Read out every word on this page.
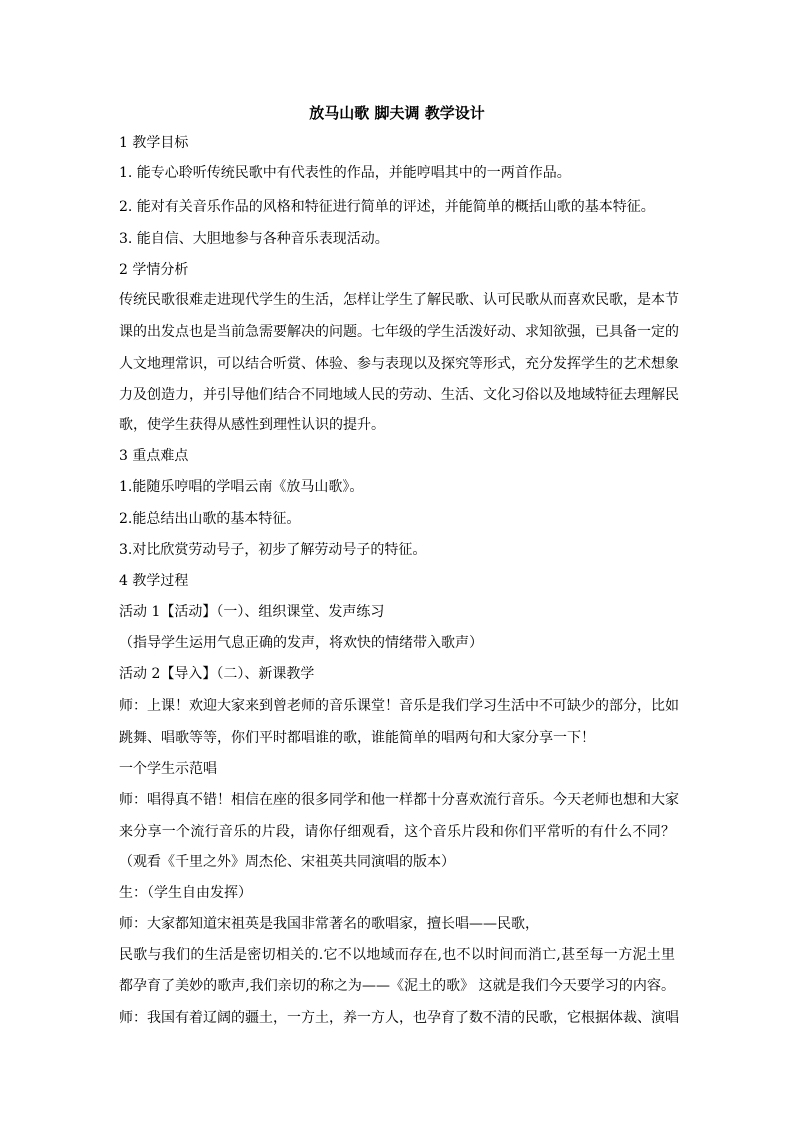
放马山歌 脚夫调 教学设计
1 教学目标
1. 能专心聆听传统民歌中有代表性的作品，并能哼唱其中的一两首作品。
2. 能对有关音乐作品的风格和特征进行简单的评述，并能简单的概括山歌的基本特征。
3. 能自信、大胆地参与各种音乐表现活动。
2 学情分析
传统民歌很难走进现代学生的生活，怎样让学生了解民歌、认可民歌从而喜欢民歌，是本节
课的出发点也是当前急需要解决的问题。七年级的学生活泼好动、求知欲强，已具备一定的
人文地理常识，可以结合听赏、体验、参与表现以及探究等形式，充分发挥学生的艺术想象
力及创造力，并引导他们结合不同地域人民的劳动、生活、文化习俗以及地域特征去理解民
歌，使学生获得从感性到理性认识的提升。
3 重点难点
1.能随乐哼唱的学唱云南《放马山歌》。
2.能总结出山歌的基本特征。
3.对比欣赏劳动号子，初步了解劳动号子的特征。
4 教学过程
活动 1【活动】（一）、组织课堂、发声练习
（指导学生运用气息正确的发声，将欢快的情绪带入歌声）
活动 2【导入】（二）、新课教学
师：上课！欢迎大家来到曾老师的音乐课堂！音乐是我们学习生活中不可缺少的部分，比如
跳舞、唱歌等等，你们平时都唱谁的歌，谁能简单的唱两句和大家分享一下！
一个学生示范唱
师：唱得真不错！相信在座的很多同学和他一样都十分喜欢流行音乐。今天老师也想和大家
来分享一个流行音乐的片段，请你仔细观看，这个音乐片段和你们平常听的有什么不同？
（观看《千里之外》周杰伦、宋祖英共同演唱的版本）
生：（学生自由发挥）
师：大家都知道宋祖英是我国非常著名的歌唱家，擅长唱——民歌，
民歌与我们的生活是密切相关的.它不以地域而存在,也不以时间而消亡,甚至每一方泥土里
都孕育了美妙的歌声,我们亲切的称之为——《泥土的歌》 这就是我们今天要学习的内容。
师：我国有着辽阔的疆土，一方土，养一方人，也孕育了数不清的民歌，它根据体裁、演唱
